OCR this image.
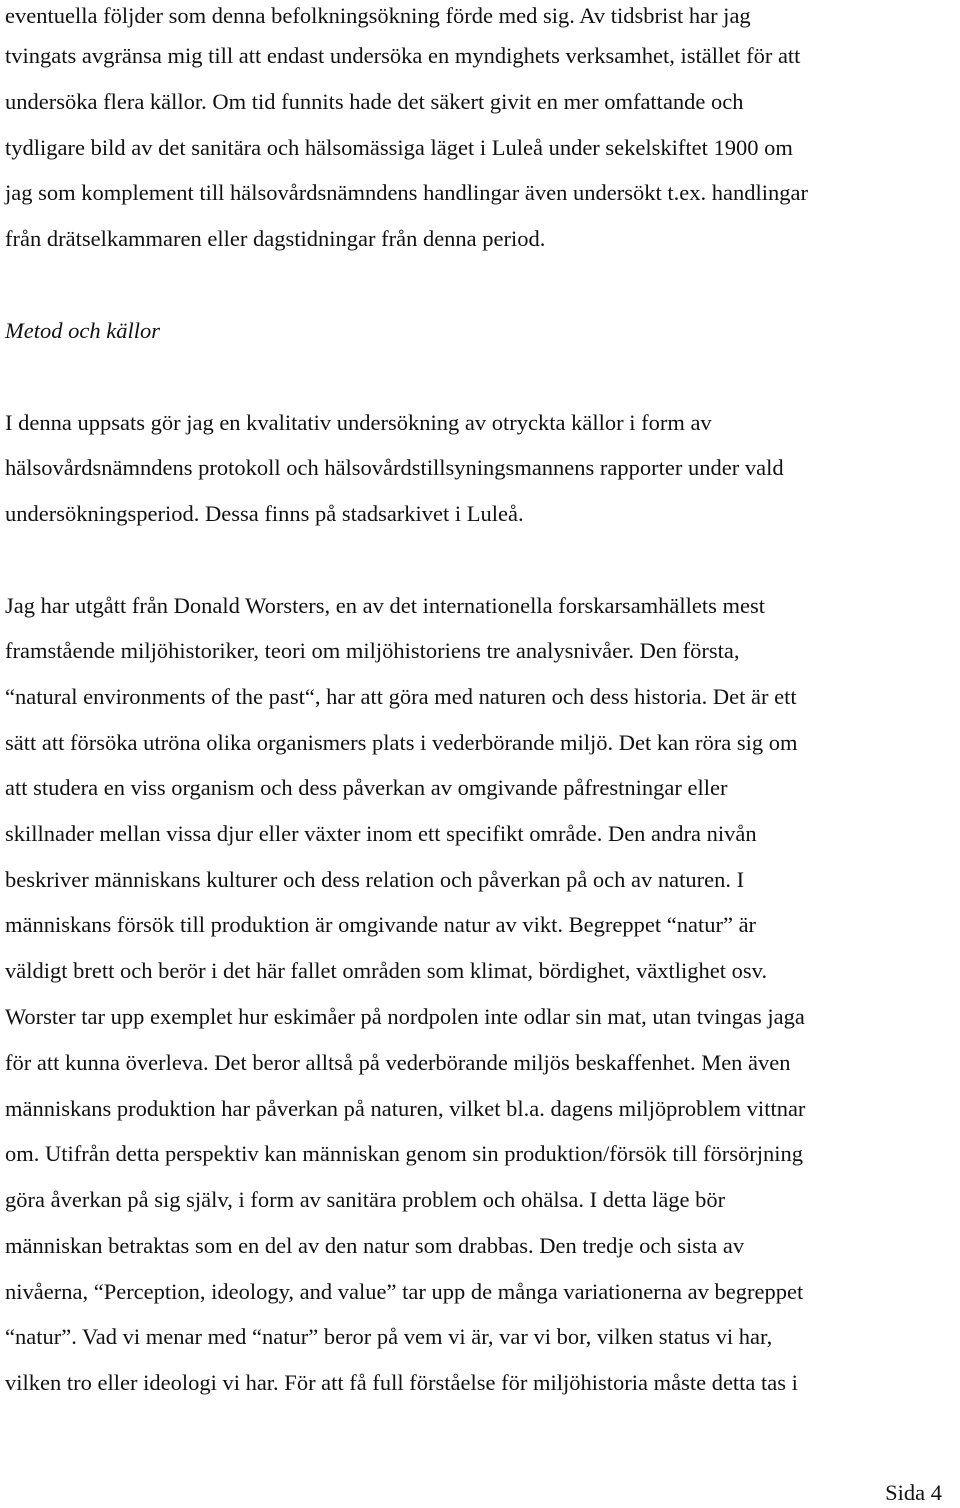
eventuella följder som denna befolkningsökning förde med sig. Av tidsbrist har jag

tvingats avgränsa mig till att endast undersöka en myndighets verksamhet, istället för att

undersöka flera källor. Om tid funnits hade det säkert givit en mer omfattande och

tydligare bild av det sanitära och hälsomässiga läget i Luleå under sekelskiftet 1900 om

jag som komplement till hälsovårdsnämndens handlingar även undersökt t.ex. handlingar

från drätselkammaren eller dagstidningar från denna period.

Metod och källor

I denna uppsats gör jag en kvalitativ undersökning av otryckta källor i form av

hälsovårdsnämndens protokoll och hälsovårdstillsyningsmannens rapporter under vald

undersökningsperiod. Dessa finns på stadsarkivet i Luleå.

Jag har utgått från Donald Worsters, en av det internationella forskarsamhällets mest

framstående miljöhistoriker, teori om miljöhistoriens tre analysnivåer. Den första,

“natural environments of the past“, har att göra med naturen och dess historia. Det är ett

sätt att försöka utröna olika organismers plats i vederbörande miljö. Det kan röra sig om

att studera en viss organism och dess påverkan av omgivande påfrestningar eller

skillnader mellan vissa djur eller växter inom ett specifikt område. Den andra nivån

beskriver människans kulturer och dess relation och påverkan på och av naturen. I

människans försök till produktion är omgivande natur av vikt. Begreppet “natur” är

väldigt brett och berör i det här fallet områden som klimat, bördighet, växtlighet osv.

Worster tar upp exemplet hur eskimåer på nordpolen inte odlar sin mat, utan tvingas jaga

för att kunna överleva. Det beror alltså på vederbörande miljös beskaffenhet. Men även

människans produktion har påverkan på naturen, vilket bl.a. dagens miljöproblem vittnar

om. Utifrån detta perspektiv kan människan genom sin produktion/försök till försörjning

göra åverkan på sig själv, i form av sanitära problem och ohälsa. I detta läge bör

människan betraktas som en del av den natur som drabbas. Den tredje och sista av

nivåerna, “Perception, ideology, and value” tar upp de många variationerna av begreppet

“natur”. Vad vi menar med “natur” beror på vem vi är, var vi bor, vilken status vi har,

vilken tro eller ideologi vi har. För att få full förståelse för miljöhistoria måste detta tas i

Sida 4
